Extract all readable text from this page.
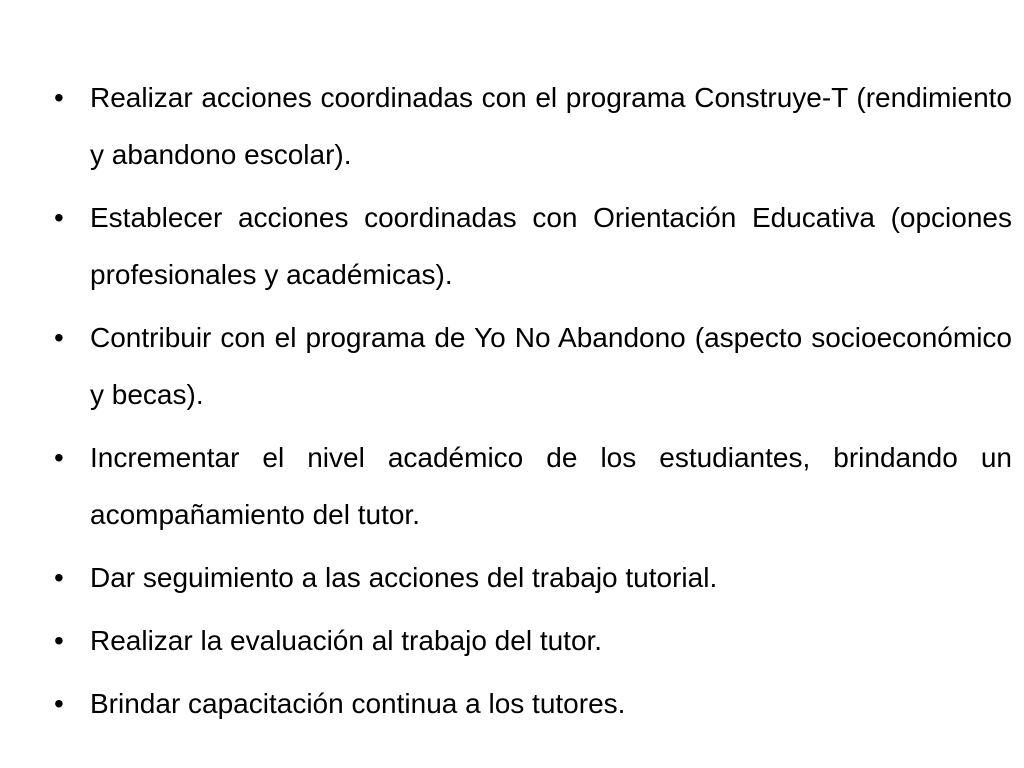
• Realizar acciones coordinadas con el programa Construye-T (rendimiento y abandono escolar).
• Establecer acciones coordinadas con Orientación Educativa (opciones profesionales y académicas).
• Contribuir con el programa de Yo No Abandono (aspecto socioeconómico y becas).
• Incrementar el nivel académico de los estudiantes, brindando un acompañamiento del tutor.
• Dar seguimiento a las acciones del trabajo tutorial.
• Realizar la evaluación al trabajo del tutor.
• Brindar capacitación continua a los tutores.
